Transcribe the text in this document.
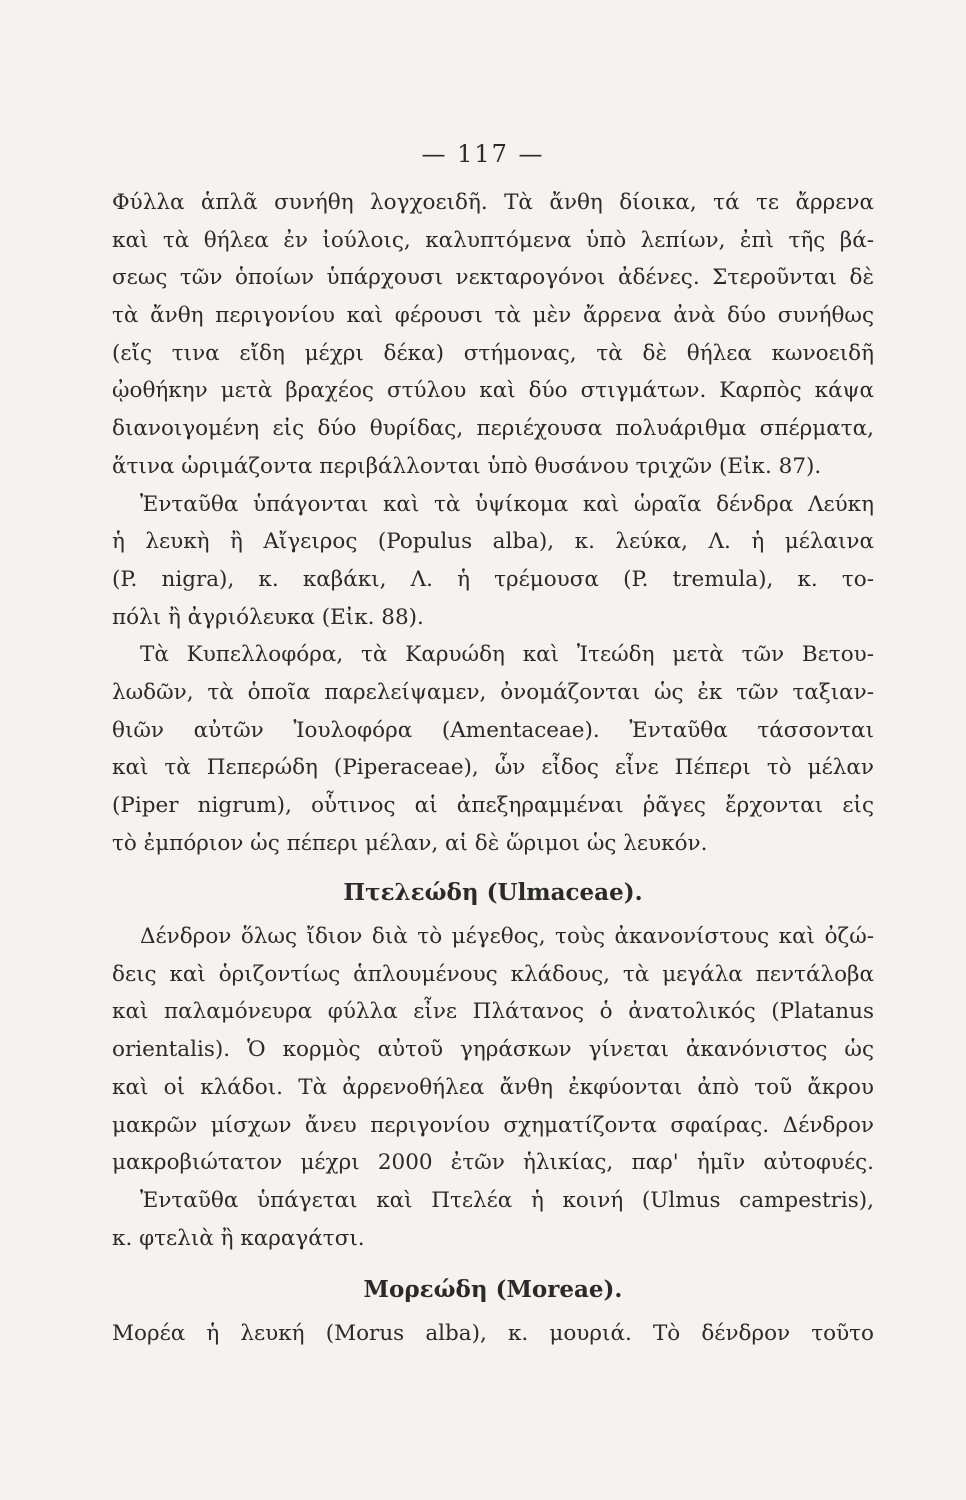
— 117 —
Φύλλα ἁπλᾶ συνήθη λογχοειδῆ. Τὰ ἄνθη δίοικα, τά τε ἄρρενα
καὶ τὰ θήλεα ἐν ἰούλοις, καλυπτόμενα ὑπὸ λεπίων, ἐπὶ τῆς βά-
σεως τῶν ὁποίων ὑπάρχουσι νεκταρογόνοι ἀδένες. Στεροῦνται δὲ
τὰ ἄνθη περιγονίου καὶ φέρουσι τὰ μὲν ἄρρενα ἀνὰ δύο συνήθως
(εἴς τινα εἴδη μέχρι δέκα) στήμονας, τὰ δὲ θήλεα κωνοειδῆ
ᾠοθήκην μετὰ βραχέος στύλου καὶ δύο στιγμάτων. Καρπὸς κάψα
διανοιγομένη εἰς δύο θυρίδας, περιέχουσα πολυάριθμα σπέρματα,
ἅτινα ὡριμάζοντα περιβάλλονται ὑπὸ θυσάνου τριχῶν (Εἰκ. 87).
Ἐνταῦθα ὑπάγονται καὶ τὰ ὑψίκομα καὶ ὡραῖα δένδρα Λεύκη
ἡ λευκὴ ἢ Αἴγειρος (Populus alba), κ. λεύκα, Λ. ἡ μέλαινα
(P. nigra), κ. καβάκι, Λ. ἡ τρέμουσα (P. tremula), κ. το-
πόλι ἢ ἀγριόλευκα (Εἰκ. 88).
Τὰ Κυπελλοφόρα, τὰ Καρυώδη καὶ Ἰτεώδη μετὰ τῶν Βετου-
λωδῶν, τὰ ὁποῖα παρελείψαμεν, ὀνομάζονται ὡς ἐκ τῶν ταξιαν-
θιῶν αὐτῶν Ἰουλοφόρα (Amentaceae). Ἐνταῦθα τάσσονται
καὶ τὰ Πεπερώδη (Piperaceae), ὧν εἶδος εἶνε Πέπερι τὸ μέλαν
(Piper nigrum), οὗτινος αἱ ἀπεξηραμμέναι ῥᾶγες ἔρχονται εἰς
τὸ ἐμπόριον ὡς πέπερι μέλαν, αἱ δὲ ὥριμοι ὡς λευκόν.
Πτελεώδη (Ulmaceae).
Δένδρον ὅλως ἴδιον διὰ τὸ μέγεθος, τοὺς ἀκανονίστους καὶ ὀζώ-
δεις καὶ ὁριζοντίως ἁπλουμένους κλάδους, τὰ μεγάλα πεντάλοβα
καὶ παλαμόνευρα φύλλα εἶνε Πλάτανος ὁ ἀνατολικός (Platanus
orientalis). Ὁ κορμὸς αὐτοῦ γηράσκων γίνεται ἀκανόνιστος ὡς
καὶ οἱ κλάδοι. Τὰ ἀρρενοθήλεα ἄνθη ἐκφύονται ἀπὸ τοῦ ἄκρου
μακρῶν μίσχων ἄνευ περιγονίου σχηματίζοντα σφαίρας. Δένδρον
μακροβιώτατον μέχρι 2000 ἐτῶν ἡλικίας, παρ' ἡμῖν αὐτοφυές.
Ἐνταῦθα ὑπάγεται καὶ Πτελέα ἡ κοινή (Ulmus campestris),
κ. φτελιὰ ἢ καραγάτσι.
Μορεώδη (Moreae).
Μορέα ἡ λευκή (Morus alba), κ. μουριά. Τὸ δένδρον τοῦτο
